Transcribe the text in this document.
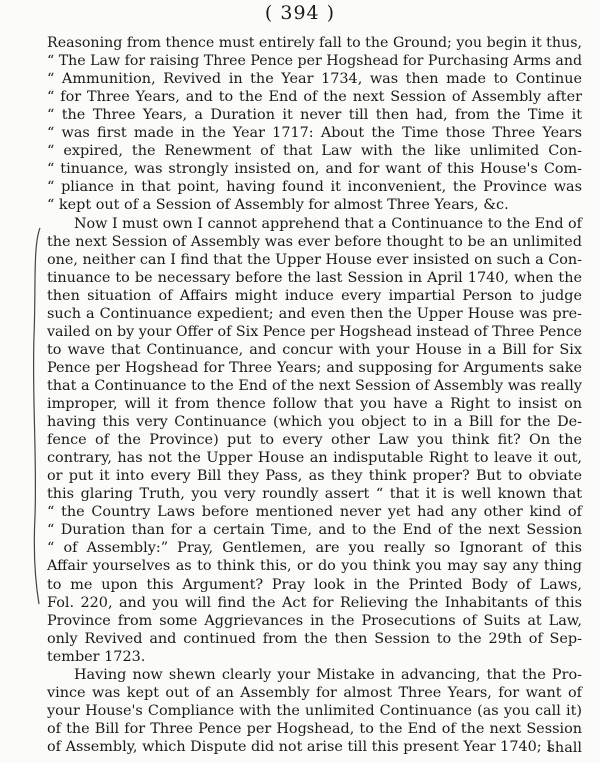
( 394 )
Reasoning from thence must entirely fall to the Ground; you begin it thus,
“ The Law for raising Three Pence per Hogshead for Purchasing Arms and
“ Ammunition, Revived in the Year 1734, was then made to Continue
“ for Three Years, and to the End of the next Session of Assembly after
“ the Three Years, a Duration it never till then had, from the Time it
“ was first made in the Year 1717: About the Time those Three Years
“ expired, the Renewment of that Law with the like unlimited Con-
“ tinuance, was strongly insisted on, and for want of this House's Com-
“ pliance in that point, having found it inconvenient, the Province was
“ kept out of a Session of Assembly for almost Three Years, &c.
Now I must own I cannot apprehend that a Continuance to the End of
the next Session of Assembly was ever before thought to be an unlimited
one, neither can I find that the Upper House ever insisted on such a Con-
tinuance to be necessary before the last Session in April 1740, when the
then situation of Affairs might induce every impartial Person to judge
such a Continuance expedient; and even then the Upper House was pre-
vailed on by your Offer of Six Pence per Hogshead instead of Three Pence
to wave that Continuance, and concur with your House in a Bill for Six
Pence per Hogshead for Three Years; and supposing for Arguments sake
that a Continuance to the End of the next Session of Assembly was really
improper, will it from thence follow that you have a Right to insist on
having this very Continuance (which you object to in a Bill for the De-
fence of the Province) put to every other Law you think fit? On the
contrary, has not the Upper House an indisputable Right to leave it out,
or put it into every Bill they Pass, as they think proper? But to obviate
this glaring Truth, you very roundly assert “ that it is well known that
“ the Country Laws before mentioned never yet had any other kind of
“ Duration than for a certain Time, and to the End of the next Session
“ of Assembly:” Pray, Gentlemen, are you really so Ignorant of this
Affair yourselves as to think this, or do you think you may say any thing
to me upon this Argument? Pray look in the Printed Body of Laws,
Fol. 220, and you will find the Act for Relieving the Inhabitants of this
Province from some Aggrievances in the Prosecutions of Suits at Law,
only Revived and continued from the then Session to the 29th of Sep-
tember 1723.
Having now shewn clearly your Mistake in advancing, that the Pro-
vince was kept out of an Assembly for almost Three Years, for want of
your House's Compliance with the unlimited Continuance (as you call it)
of the Bill for Three Pence per Hogshead, to the End of the next Session
of Assembly, which Dispute did not arise till this present Year 1740; I
shall
